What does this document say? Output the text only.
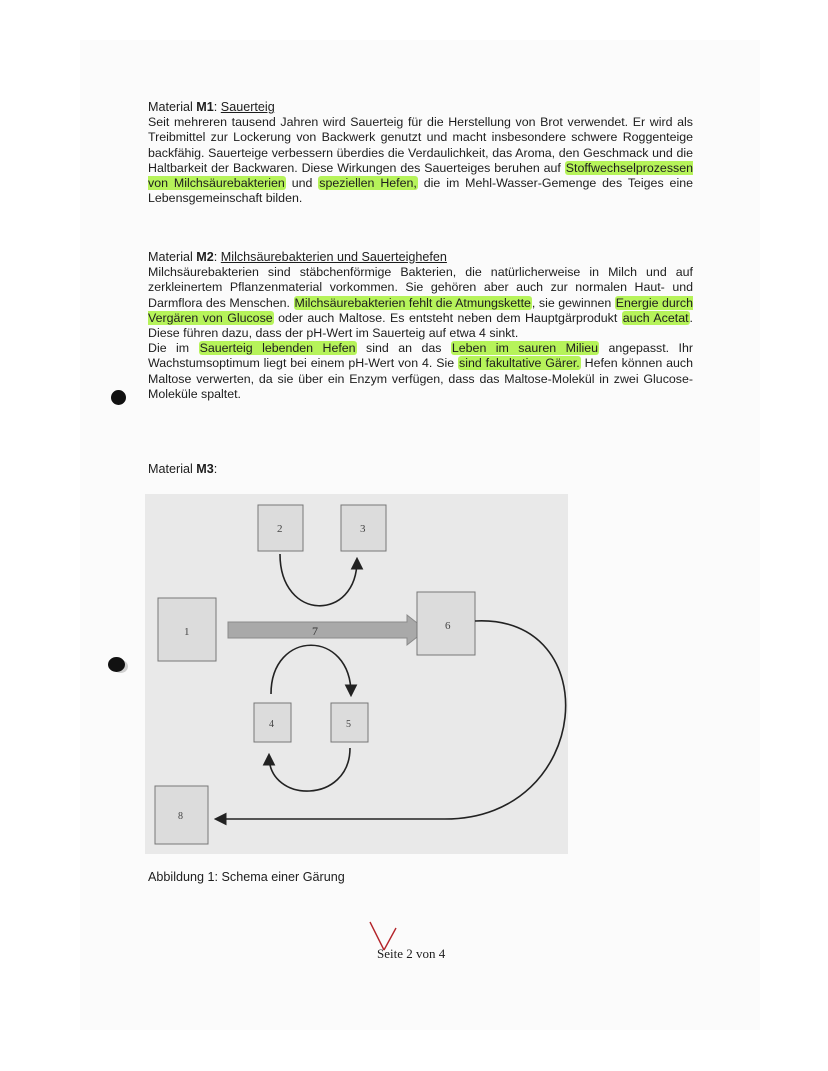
Material M1: Sauerteig
Seit mehreren tausend Jahren wird Sauerteig für die Herstellung von Brot verwendet. Er wird als Treibmittel zur Lockerung von Backwerk genutzt und macht insbesondere schwere Roggenteige backfähig. Sauerteige verbessern überdies die Verdaulichkeit, das Aroma, den Geschmack und die Haltbarkeit der Backwaren. Diese Wirkungen des Sauerteiges beruhen auf Stoffwechselprozessen von Milchsäurebakterien und speziellen Hefen, die im Mehl-Wasser-Gemenge des Teiges eine Lebensgemeinschaft bilden.
Material M2: Milchsäurebakterien und Sauerteighefen
Milchsäurebakterien sind stäbchenförmige Bakterien, die natürlicherweise in Milch und auf zerkleinertem Pflanzenmaterial vorkommen. Sie gehören aber auch zur normalen Haut- und Darmflora des Menschen. Milchsäurebakterien fehlt die Atmungskette, sie gewinnen Energie durch Vergären von Glucose oder auch Maltose. Es entsteht neben dem Hauptgärprodukt auch Acetat. Diese führen dazu, dass der pH-Wert im Sauerteig auf etwa 4 sinkt.
Die im Sauerteig lebenden Hefen sind an das Leben im sauren Milieu angepasst. Ihr Wachstumsoptimum liegt bei einem pH-Wert von 4. Sie sind fakultative Gärer. Hefen können auch Maltose verwerten, da sie über ein Enzym verfügen, dass das Maltose-Molekül in zwei Glucose-Moleküle spaltet.
Material M3:
7
1
2	3
6
4	5
8
Abbildung 1: Schema einer Gärung
Seite 2 von 4
